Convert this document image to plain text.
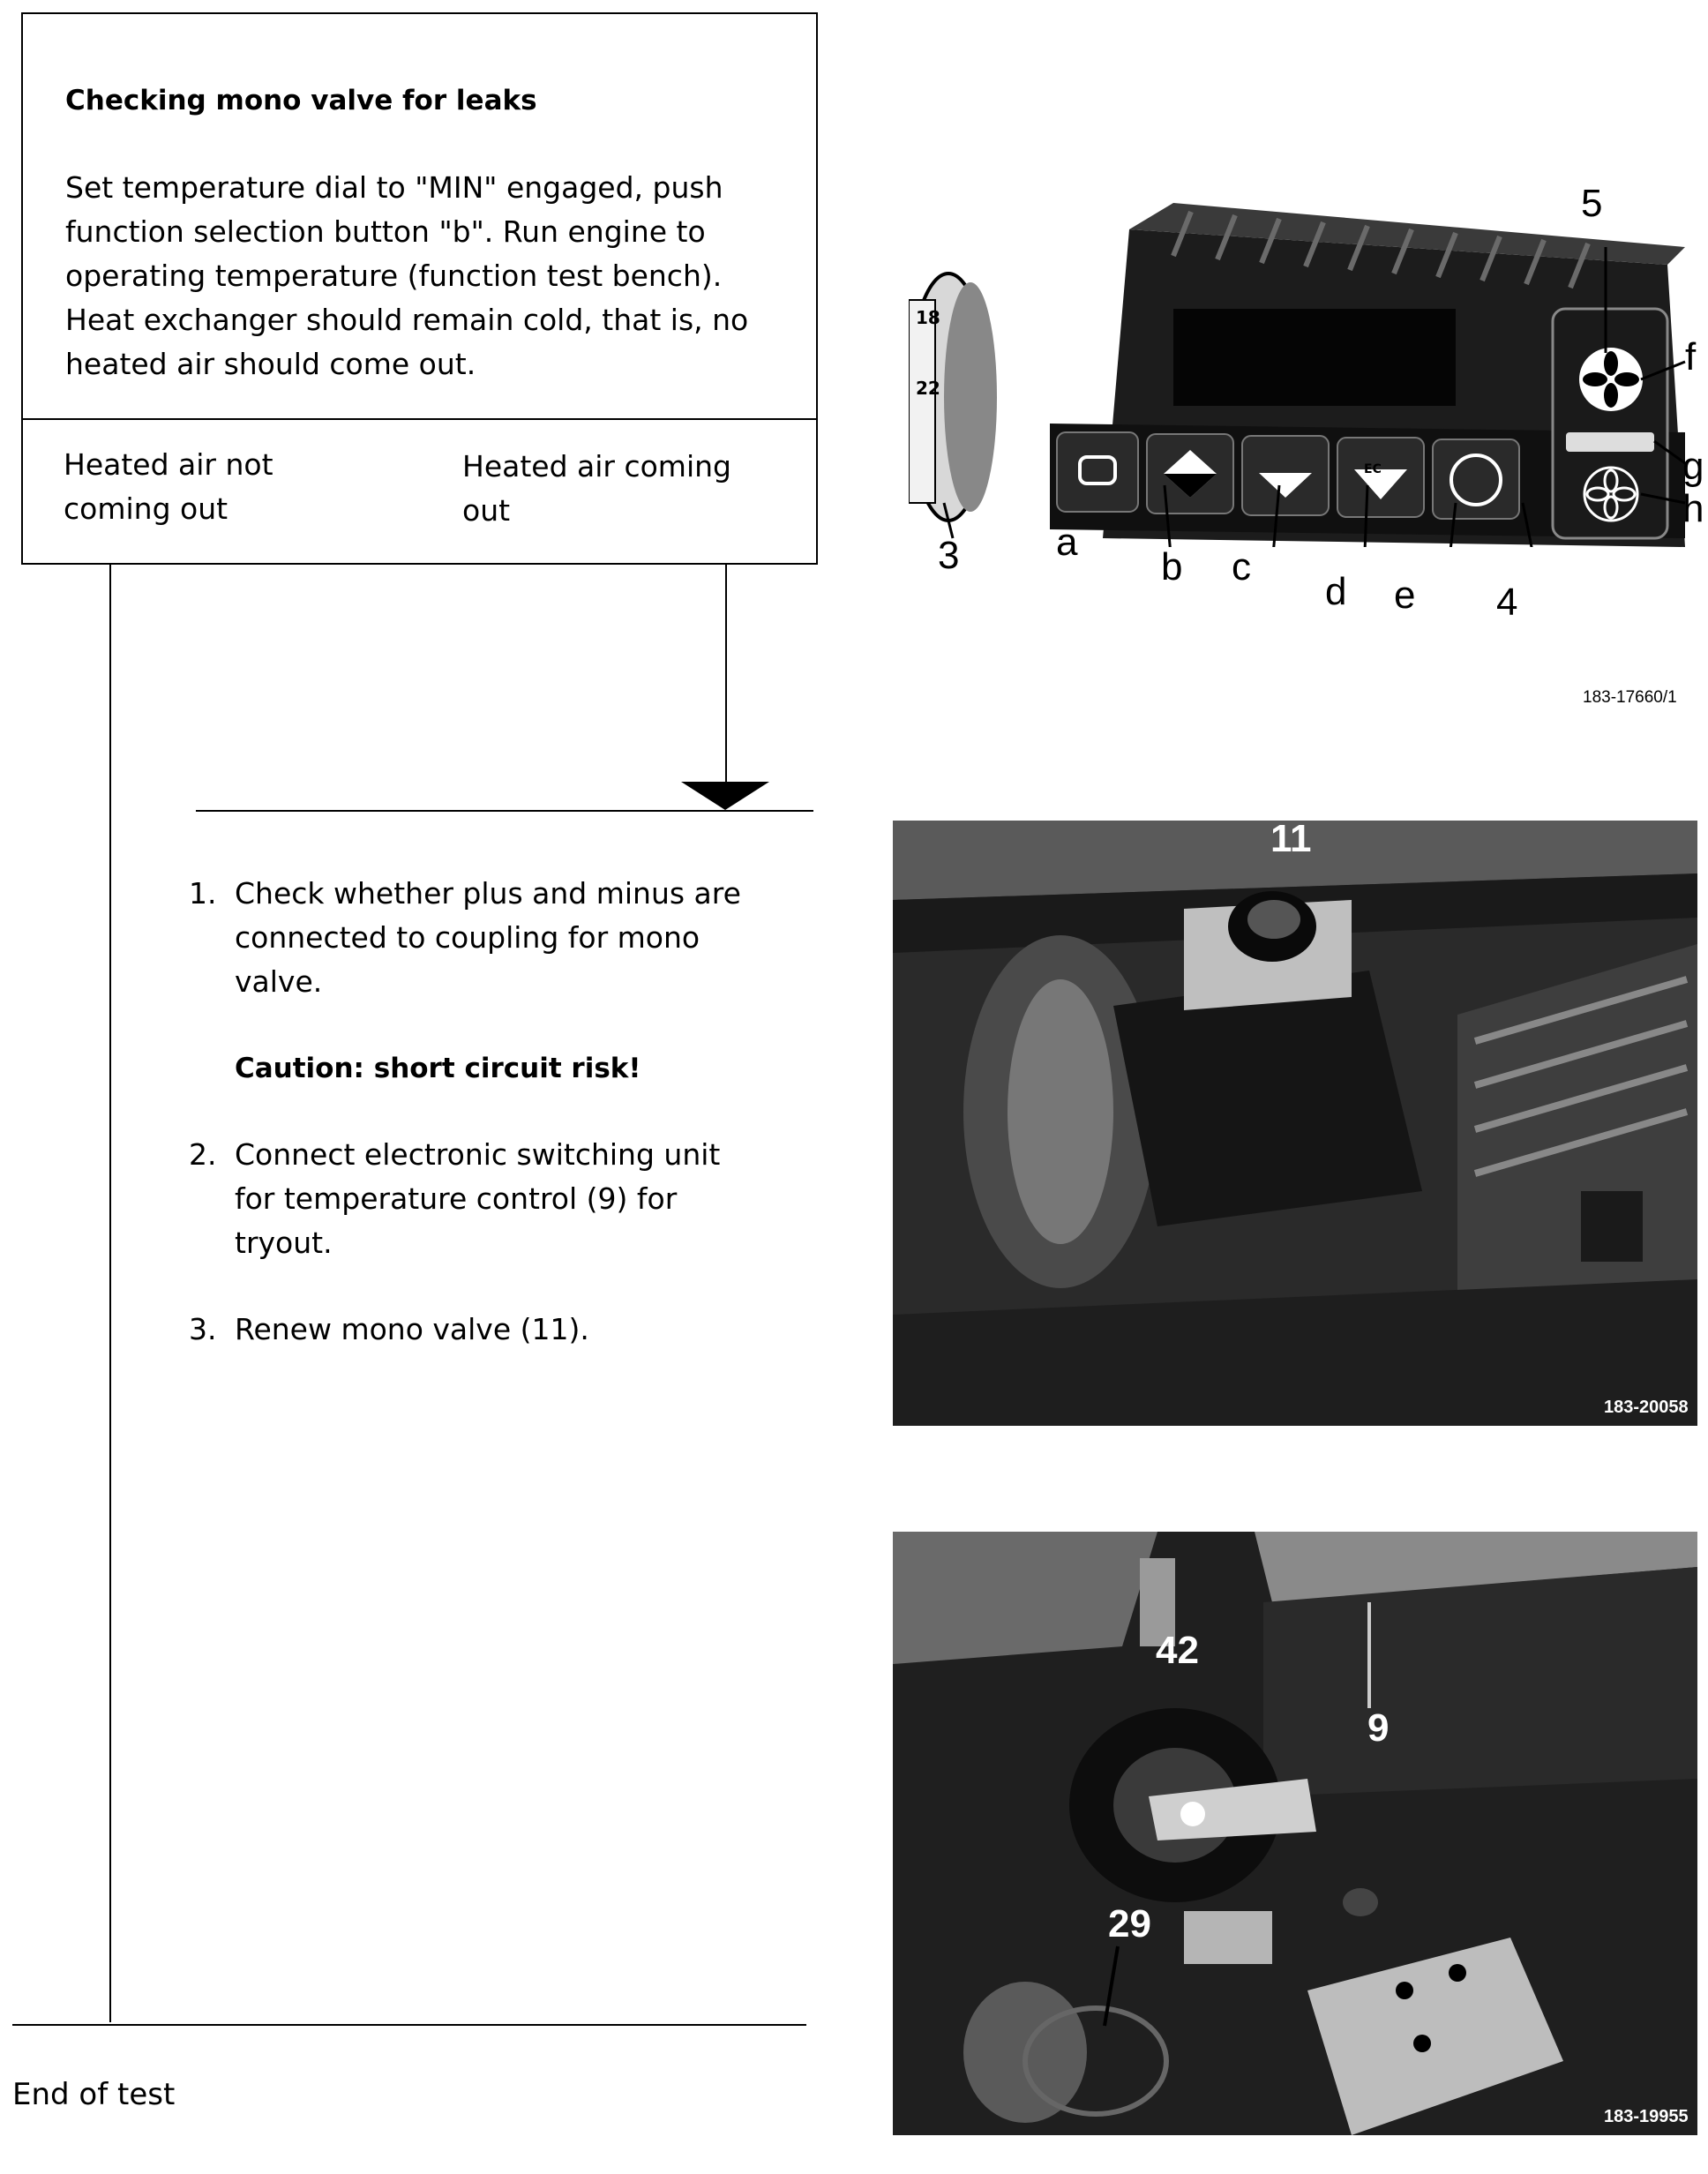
Checking mono valve for leaks
Set temperature dial to "MIN" engaged, push
function selection button "b". Run engine to
operating temperature (function test bench).
Heat exchanger should remain cold, that is, no
heated air should come out.
Heated air not
coming out
Heated air coming
out
1. Check whether plus and minus are
connected to coupling for mono
valve.
Caution: short circuit risk!
2. Connect electronic switching unit
for temperature control (9) for
tryout.
3. Renew mono valve (11).
End of test
18
22
EC
3 a
b c
d e 4
5
f
g
h
183-17660/1
11
183-20058
42
9
29
183-19955
